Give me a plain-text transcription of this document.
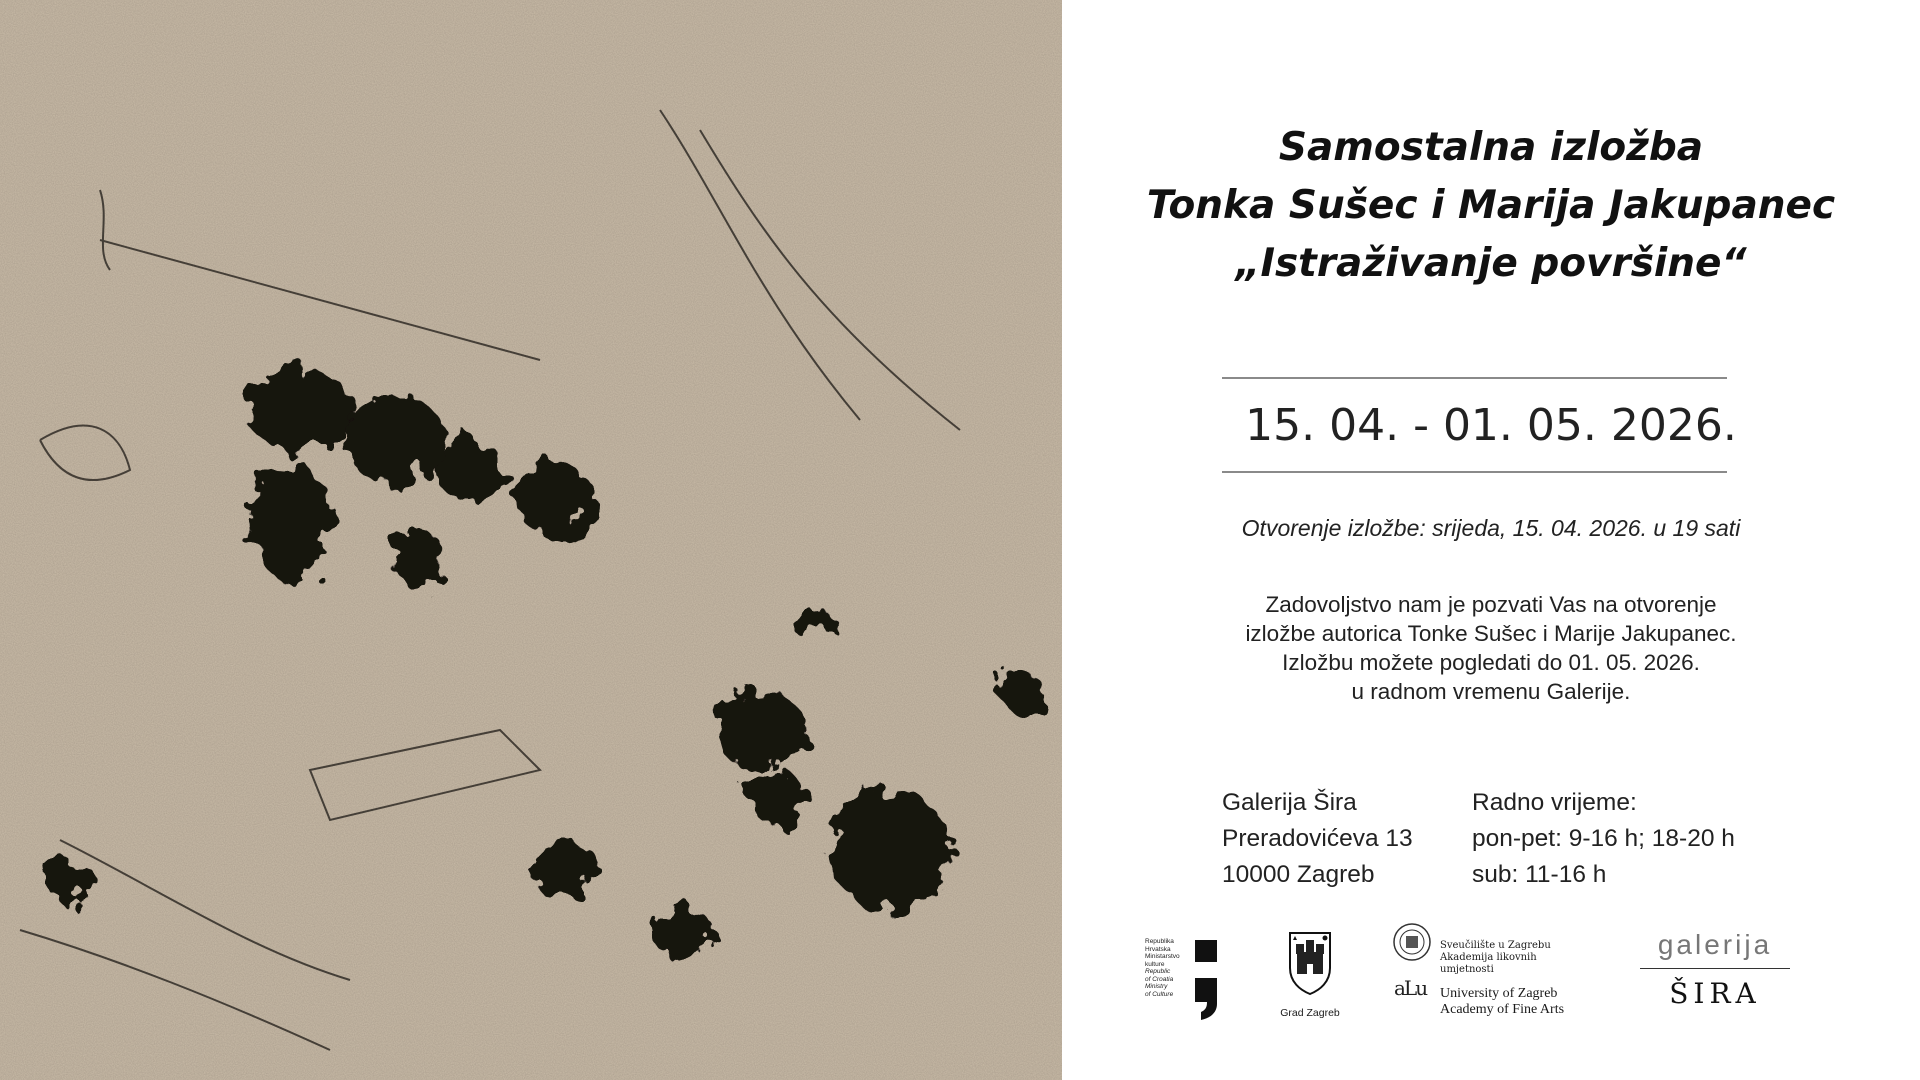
Samostalna izložba
Tonka Sušec i Marija Jakupanec
„Istraživanje površine“
15. 04. - 01. 05. 2026.
Otvorenje izložbe: srijeda, 15. 04. 2026. u 19 sati
Zadovoljstvo nam je pozvati Vas na otvorenje
izložbe autorica Tonke Sušec i Marije Jakupanec.
Izložbu možete pogledati do 01. 05. 2026.
u radnom vremenu Galerije.
Galerija Šira
Preradovićeva 13
10000 Zagreb
Radno vrijeme:
pon-pet: 9-16 h; 18-20 h
sub: 11-16 h
Republika
Hrvatska
Ministarstvo
kulture
Republic
of Croatia
Ministry
of Culture
Grad Zagreb
Sveučilište u Zagrebu
Akademija likovnih umjetnosti
aLu University of Zagreb
Academy of Fine Arts
galerija
ŠIRA
